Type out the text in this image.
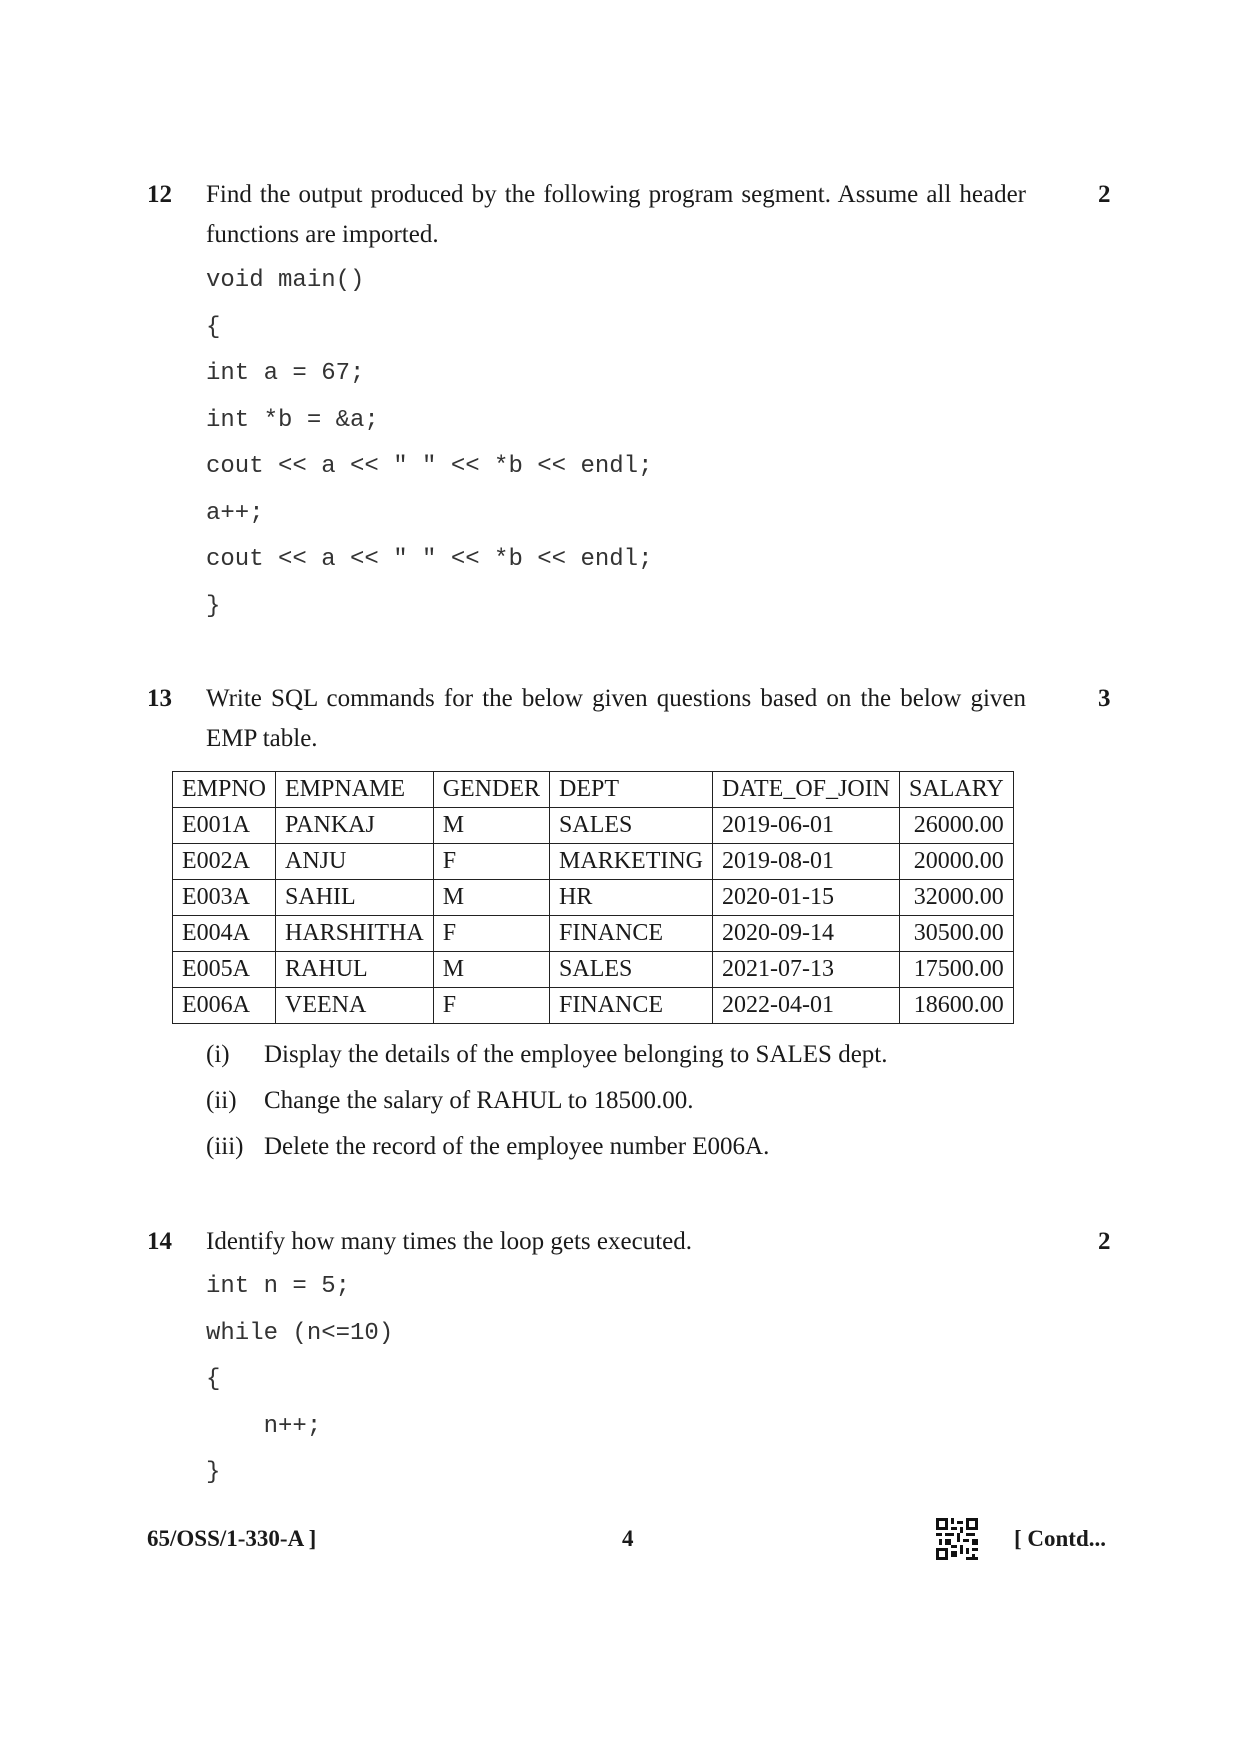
12 Find the output produced by the following program segment. Assume all header functions are imported.
2
void main()
{
int a = 67;
int *b = &a;
cout << a << " " << *b << endl;
a++;
cout << a << " " << *b << endl;
}
13 Write SQL commands for the below given questions based on the below given EMP table.
3
EMPNO	EMPNAME	GENDER	DEPT	DATE_OF_JOIN	SALARY
E001A	PANKAJ	M	SALES	2019-06-01	26000.00
E002A	ANJU	F	MARKETING	2019-08-01	20000.00
E003A	SAHIL	M	HR	2020-01-15	32000.00
E004A	HARSHITHA	F	FINANCE	2020-09-14	30500.00
E005A	RAHUL	M	SALES	2021-07-13	17500.00
E006A	VEENA	F	FINANCE	2022-04-01	18600.00
(i) Display the details of the employee belonging to SALES dept.
(ii) Change the salary of RAHUL to 18500.00.
(iii) Delete the record of the employee number E006A.
14 Identify how many times the loop gets executed.	2
int n = 5;
while (n<=10)
{
n++;
}
65/OSS/1-330-A ]	4	[ Contd...
